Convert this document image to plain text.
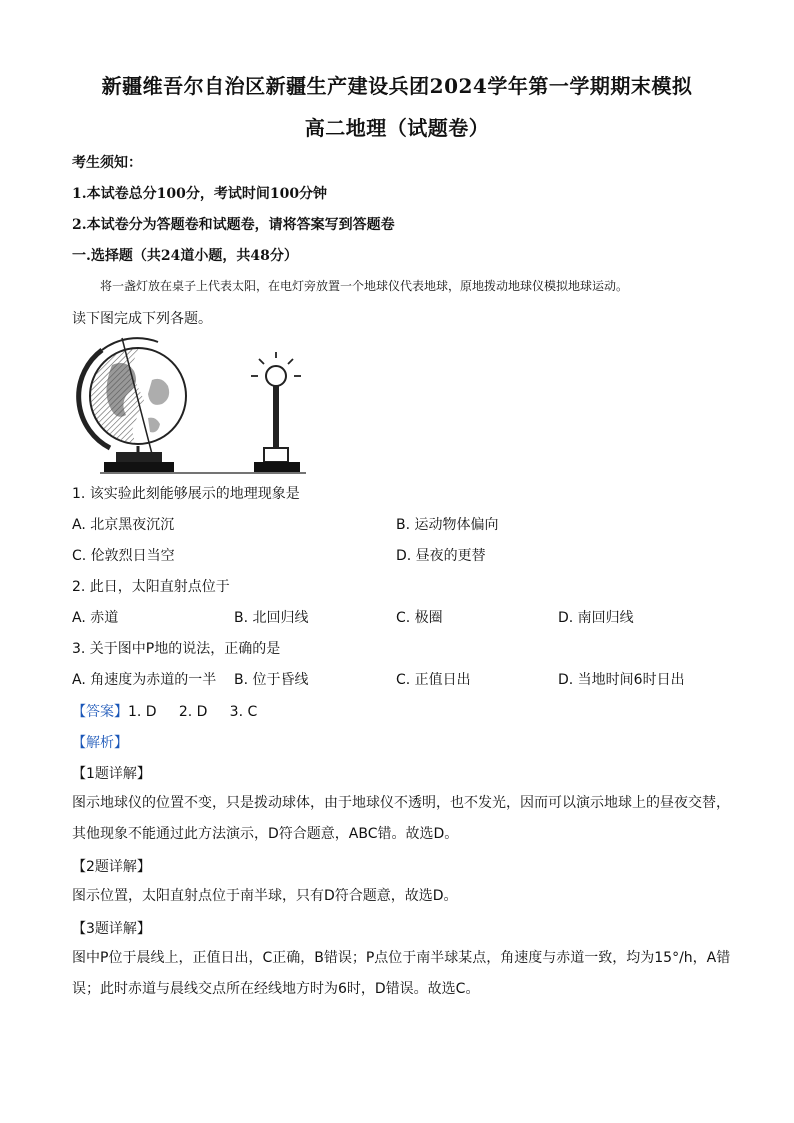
新疆维吾尔自治区新疆生产建设兵团2024学年第一学期期末模拟
高二地理（试题卷）
考生须知：
1.本试卷总分100分，考试时间100分钟
2.本试卷分为答题卷和试题卷，请将答案写到答题卷
一.选择题（共24道小题，共48分）
将一盏灯放在桌子上代表太阳，在电灯旁放置一个地球仪代表地球，原地拨动地球仪模拟地球运动。
读下图完成下列各题。
1. 该实验此刻能够展示的地理现象是
A. 北京黑夜沉沉	B. 运动物体偏向
C. 伦敦烈日当空	D. 昼夜的更替
2. 此日，太阳直射点位于
A. 赤道	B. 北回归线	C. 极圈	D. 南回归线
3. 关于图中P地的说法，正确的是
A. 角速度为赤道的一半 B. 位于昏线	C. 正值日出	D. 当地时间6时日出
【答案】1. D     2. D     3. C
【解析】
【1题详解】
图示地球仪的位置不变，只是拨动球体，由于地球仪不透明，也不发光，因而可以演示地球上的昼夜交替，其他现象不能通过此方法演示，D符合题意，ABC错。故选D。
【2题详解】
图示位置，太阳直射点位于南半球，只有D符合题意，故选D。
【3题详解】
图中P位于晨线上，正值日出，C正确，B错误；P点位于南半球某点，角速度与赤道一致，均为15°/h，A错误；此时赤道与晨线交点所在经线地方时为6时，D错误。故选C。
